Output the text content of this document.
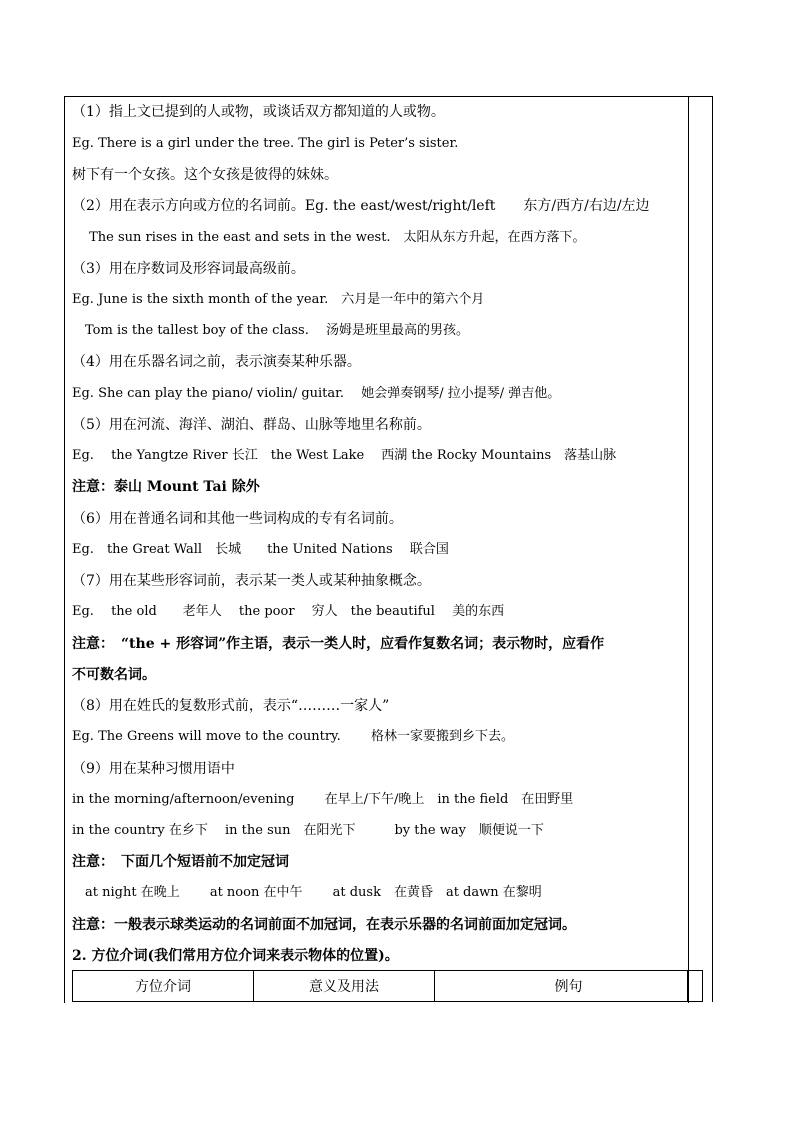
（1）指上文已提到的人或物，或谈话双方都知道的人或物。
Eg. There is a girl under the tree. The girl is Peter’s sister.
树下有一个女孩。这个女孩是彼得的妹妹。
（2）用在表示方向或方位的名词前。Eg. the east/west/right/left　　东方/西方/右边/左边
　 The sun rises in the east and sets in the west.　太阳从东方升起，在西方落下。
（3）用在序数词及形容词最高级前。
Eg. June is the sixth month of the year.　六月是一年中的第六个月
　Tom is the tallest boy of the class.　 汤姆是班里最高的男孩。
（4）用在乐器名词之前，表示演奏某种乐器。
Eg. She can play the piano/ violin/ guitar.　 她会弹奏钢琴/ 拉小提琴/ 弹吉他。
（5）用在河流、海洋、湖泊、群岛、山脉等地里名称前。
Eg.　 the Yangtze River 长江　the West Lake　 西湖 the Rocky Mountains　落基山脉
注意：泰山 Mount Tai 除外
（6）用在普通名词和其他一些词构成的专有名词前。
Eg.　the Great Wall　长城　　the United Nations　 联合国
（7）用在某些形容词前，表示某一类人或某种抽象概念。
Eg.　 the old　　老年人　 the poor　 穷人　the beautiful　 美的东西
注意：　“the + 形容词”作主语，表示一类人时，应看作复数名词；表示物时，应看作
不可数名词。
（8）用在姓氏的复数形式前，表示“………一家人”
Eg. The Greens will move to the country.　　 格林一家要搬到乡下去。
（9）用在某种习惯用语中
in the morning/afternoon/evening　　 在早上/下午/晚上　in the field　在田野里
in the country 在乡下　 in the sun　在阳光下　　　by the way　顺便说一下
注意：　下面几个短语前不加定冠词
　at night 在晚上　　 at noon 在中午　　 at dusk　在黄昏　at dawn 在黎明
注意：一般表示球类运动的名词前面不加冠词，在表示乐器的名词前面加定冠词。
2. 方位介词(我们常用方位介词来表示物体的位置)。
方位介词	意义及用法	例句
